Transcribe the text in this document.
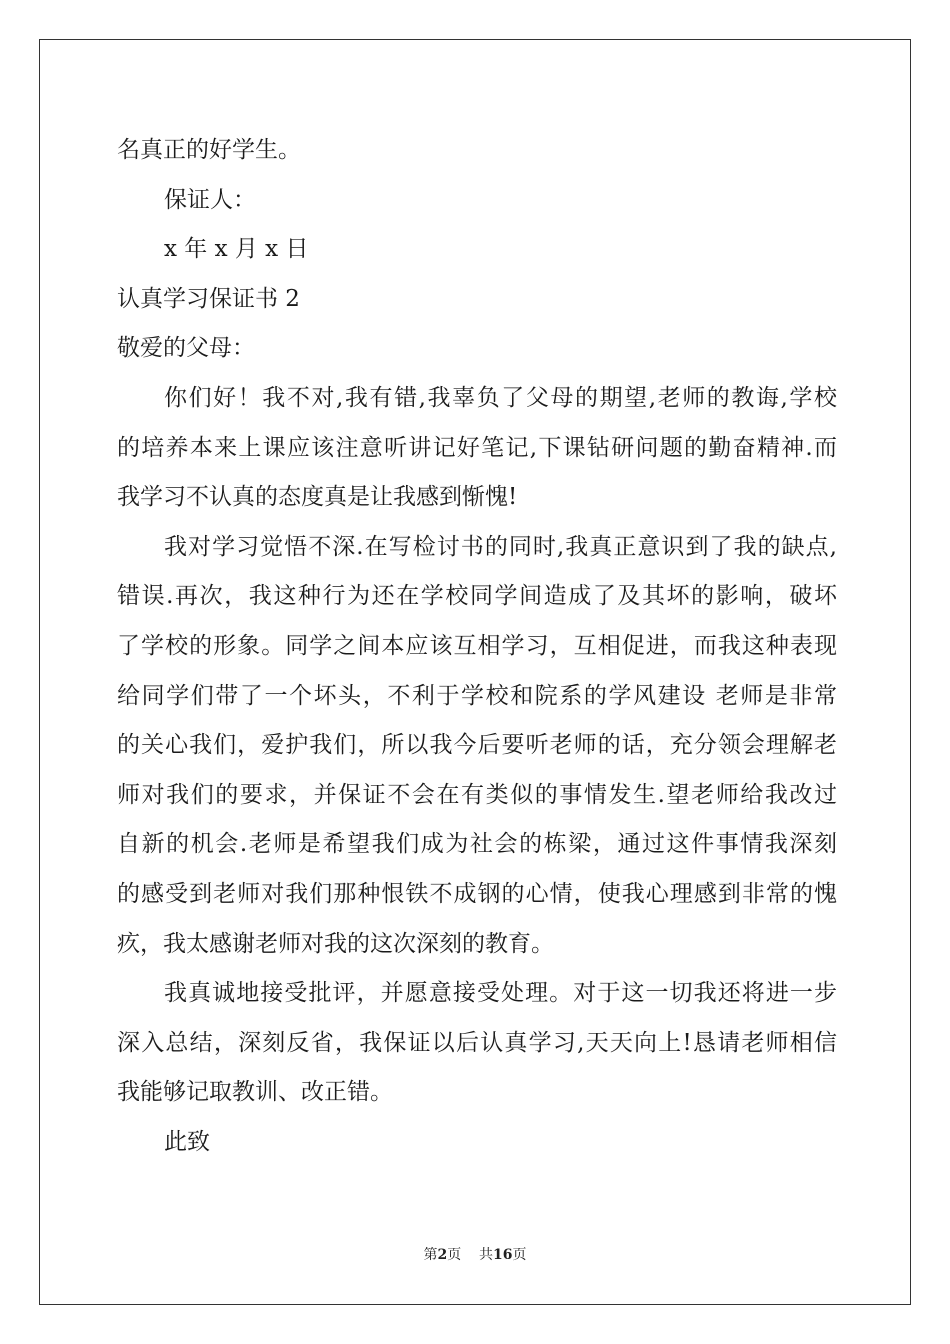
名真正的好学生。
保证人：
x 年 x 月 x 日
认真学习保证书 2
敬爱的父母：
你们好！我不对,我有错,我辜负了父母的期望,老师的教诲,学校
的培养本来上课应该注意听讲记好笔记,下课钻研问题的勤奋精神.而
我学习不认真的态度真是让我感到惭愧!
我对学习觉悟不深.在写检讨书的同时,我真正意识到了我的缺点,
错误.再次，我这种行为还在学校同学间造成了及其坏的影响，破坏
了学校的形象。同学之间本应该互相学习，互相促进，而我这种表现
给同学们带了一个坏头，不利于学校和院系的学风建设 老师是非常
的关心我们，爱护我们，所以我今后要听老师的话，充分领会理解老
师对我们的要求，并保证不会在有类似的事情发生.望老师给我改过
自新的机会.老师是希望我们成为社会的栋梁，通过这件事情我深刻
的感受到老师对我们那种恨铁不成钢的心情，使我心理感到非常的愧
疚，我太感谢老师对我的这次深刻的教育。
我真诚地接受批评，并愿意接受处理。对于这一切我还将进一步
深入总结，深刻反省，我保证以后认真学习,天天向上!恳请老师相信
我能够记取教训、改正错。
此致
第2页 共16页
